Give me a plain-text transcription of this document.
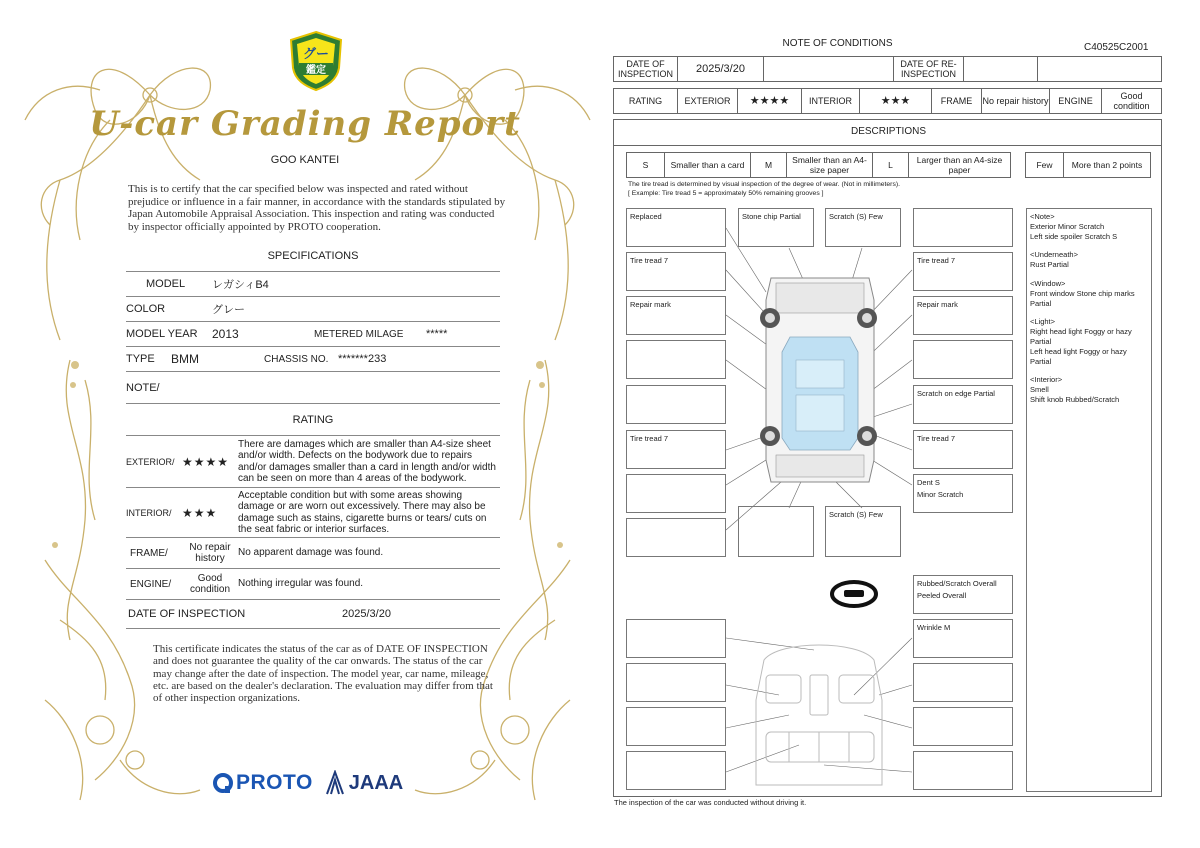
グー
鑑定
U-car Grading Report
GOO KANTEI
This is to certify that the car specified below was inspected and rated without prejudice or influence in a fair manner, in accordance with the standards stipulated by Japan Automobile Appraisal Association. This inspection and rating was conducted by inspector officially appointed by PROTO cooperation.
SPECIFICATIONS
MODEL	レガシィB4
COLOR	グレー
MODEL YEAR	2013	METERED MILAGE	*****
TYPE	BMM	CHASSIS NO. *******233
NOTE/
RATING
EXTERIOR/ ★★★★
There are damages which are smaller than A4-size sheet and/or width. Defects on the bodywork due to repairs and/or damages smaller than a card in length and/or width can be seen on more than 4 areas of the bodywork.
INTERIOR/ ★★★
Acceptable condition but with some areas showing damage or are worn out excessively. There may also be damage such as stains, cigarette burns or tears/ cuts on the seat fabric or interior surfaces.
FRAME/	No repair history
No apparent damage was found.
ENGINE/	Good condition
Nothing irregular was found.
DATE OF INSPECTION	2025/3/20
This certificate indicates the status of the car as of DATE OF INSPECTION and does not guarantee the quality of the car onwards. The status of the car may change after the date of inspection. The model year, car name, mileage, etc. are based on the dealer's declaration. The evaluation may differ from that of other inspection organizations.
PROTO JAAA
NOTE OF CONDITIONS	C40525C2001
DATE OF INSPECTION	2025/3/20	DATE OF RE-INSPECTION
RATING	EXTERIOR	★★★★	INTERIOR	★★★	FRAME	No repair history	ENGINE	Good condition
DESCRIPTIONS
S	Smaller than a card	M	Smaller than an A4-size paper	L	Larger than an A4-size paper	Few	More than 2 points
The tire tread is determined by visual inspection of the degree of wear. (Not in millimeters).
[ Example: Tire tread 5 = approximately 50% remaining grooves ]
Replaced
Tire tread 7
Repair mark
Tire tread 7
Stone chip Partial	Scratch (S) Few
Scratch (S) Few
Tire tread 7
Repair mark
Scratch on edge Partial
Tire tread 7
Dent S
Minor Scratch
Rubbed/Scratch Overall
Peeled Overall
Wrinkle M

<Note>
Exterior Minor Scratch
Left side spoiler Scratch S

<Underneath>
Rust Partial

<Window>
Front window Stone chip marks
Partial

<Light>
Right head light Foggy or hazy
Partial
Left head light Foggy or hazy
Partial

<Interior>
Smell
Shift knob Rubbed/Scratch

The inspection of the car was conducted without driving it.
